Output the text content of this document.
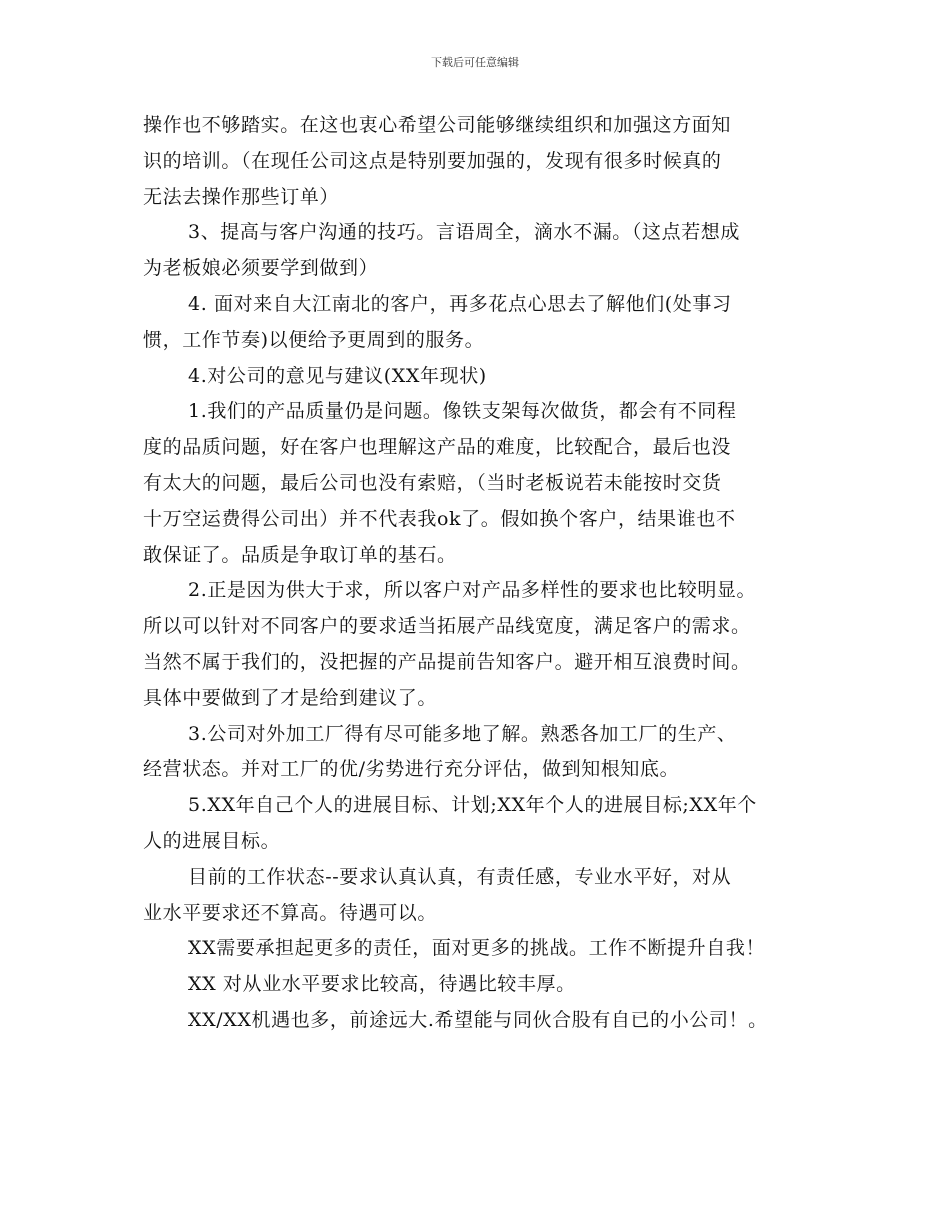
下载后可任意编辑
操作也不够踏实。在这也衷心希望公司能够继续组织和加强这方面知
识的培训。（在现任公司这点是特别要加强的，发现有很多时候真的
无法去操作那些订单）
3、提高与客户沟通的技巧。言语周全，滴水不漏。（这点若想成
为老板娘必须要学到做到）
4. 面对来自大江南北的客户，再多花点心思去了解他们(处事习
惯，工作节奏)以便给予更周到的服务。
4.对公司的意见与建议(XX年现状)
1.我们的产品质量仍是问题。像铁支架每次做货，都会有不同程
度的品质问题，好在客户也理解这产品的难度，比较配合，最后也没
有太大的问题，最后公司也没有索赔，（当时老板说若未能按时交货
十万空运费得公司出）并不代表我ok了。假如换个客户，结果谁也不
敢保证了。品质是争取订单的基石。
2.正是因为供大于求，所以客户对产品多样性的要求也比较明显。
所以可以针对不同客户的要求适当拓展产品线宽度，满足客户的需求。
当然不属于我们的，没把握的产品提前告知客户。避开相互浪费时间。
具体中要做到了才是给到建议了。
3.公司对外加工厂得有尽可能多地了解。熟悉各加工厂的生产、
经营状态。并对工厂的优/劣势进行充分评估，做到知根知底。
5.XX年自己个人的进展目标、计划;XX年个人的进展目标;XX年个
人的进展目标。
目前的工作状态--要求认真认真，有责任感，专业水平好，对从
业水平要求还不算高。待遇可以。
XX需要承担起更多的责任，面对更多的挑战。工作不断提升自我！
XX 对从业水平要求比较高，待遇比较丰厚。
XX/XX机遇也多，前途远大.希望能与同伙合股有自已的小公司！。
